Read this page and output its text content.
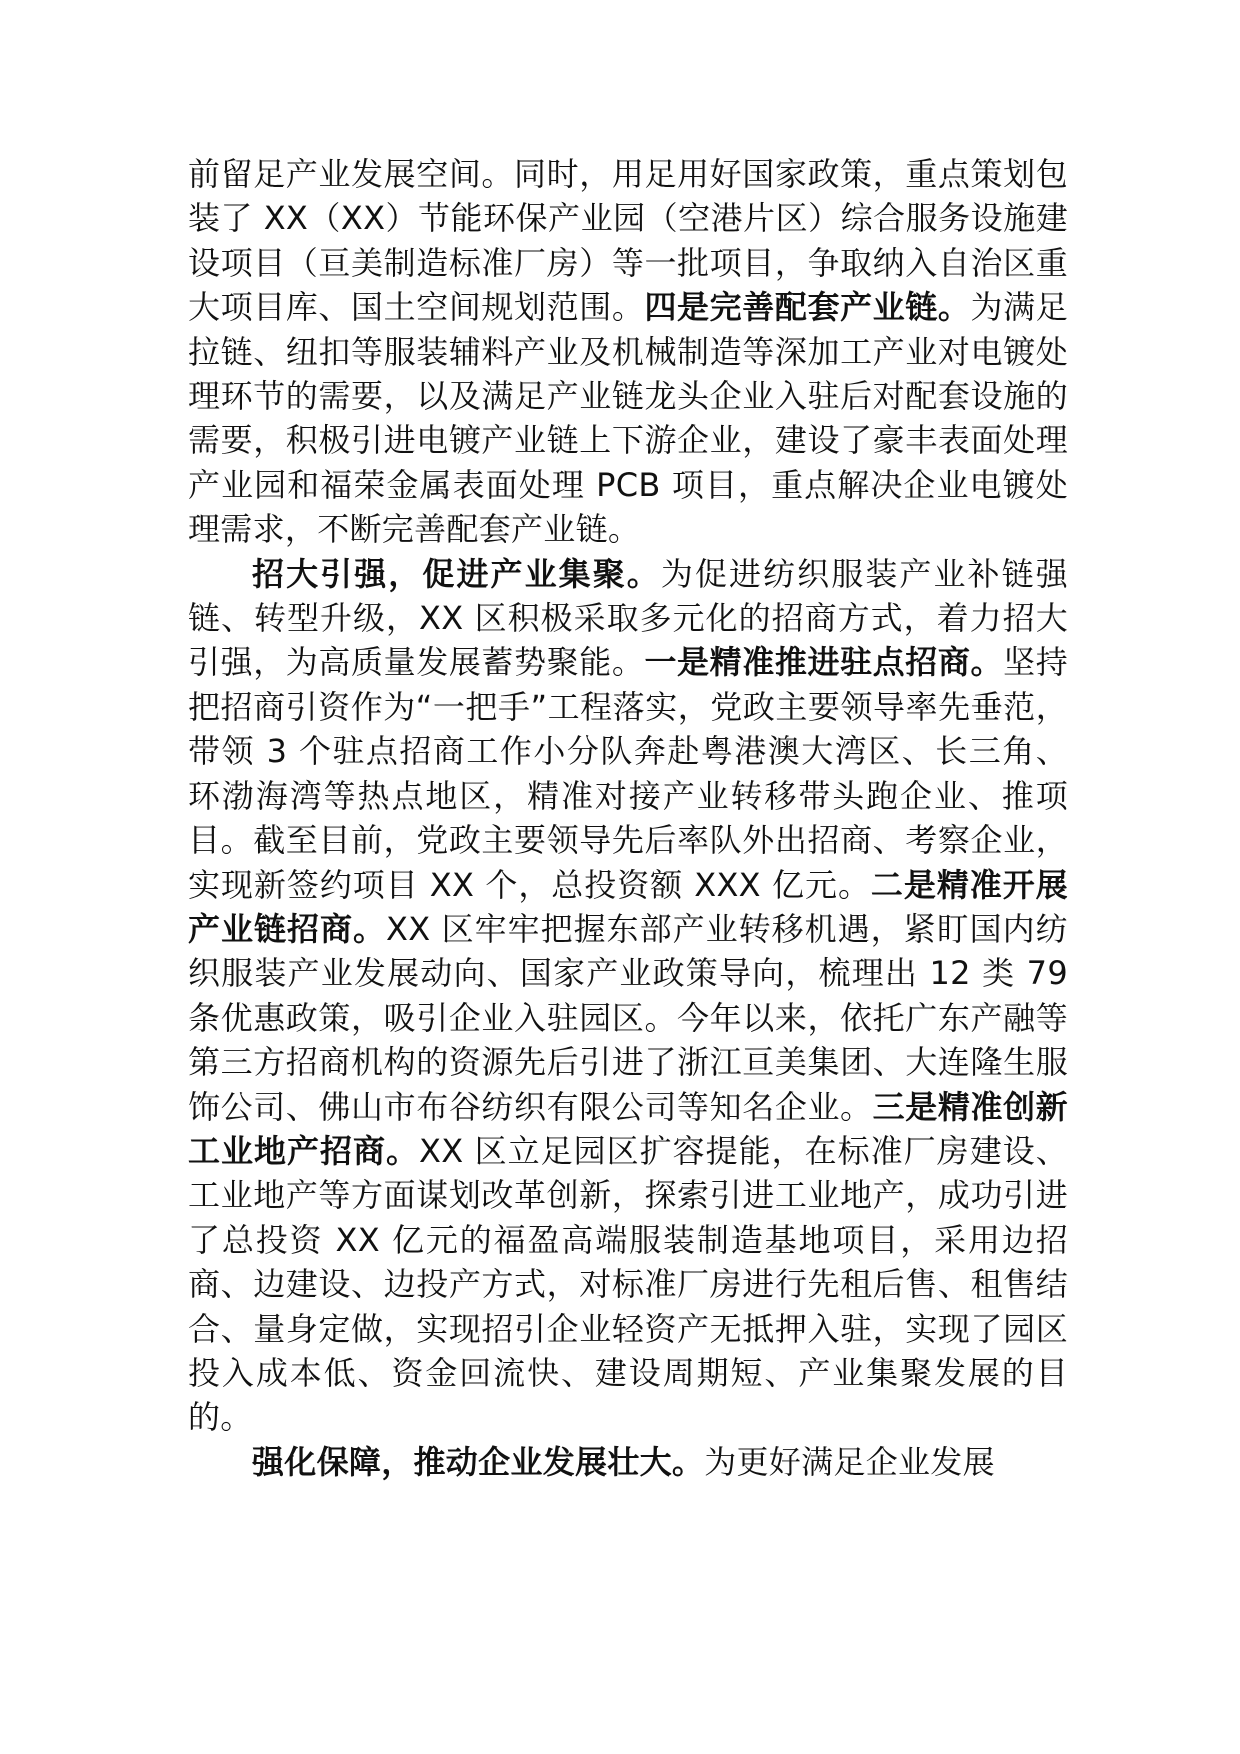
前留足产业发展空间。同时，用足用好国家政策，重点策划包装了 XX（XX）节能环保产业园（空港片区）综合服务设施建设项目（亘美制造标准厂房）等一批项目，争取纳入自治区重大项目库、国土空间规划范围。四是完善配套产业链。为满足拉链、纽扣等服装辅料产业及机械制造等深加工产业对电镀处理环节的需要，以及满足产业链龙头企业入驻后对配套设施的需要，积极引进电镀产业链上下游企业，建设了豪丰表面处理产业园和福荣金属表面处理 PCB 项目，重点解决企业电镀处理需求，不断完善配套产业链。

招大引强，促进产业集聚。为促进纺织服装产业补链强链、转型升级，XX 区积极采取多元化的招商方式，着力招大引强，为高质量发展蓄势聚能。一是精准推进驻点招商。坚持把招商引资作为“一把手”工程落实，党政主要领导率先垂范，带领 3 个驻点招商工作小分队奔赴粤港澳大湾区、长三角、环渤海湾等热点地区，精准对接产业转移带头跑企业、推项目。截至目前，党政主要领导先后率队外出招商、考察企业，实现新签约项目 XX 个，总投资额 XXX 亿元。二是精准开展产业链招商。XX 区牢牢把握东部产业转移机遇，紧盯国内纺织服装产业发展动向、国家产业政策导向，梳理出 12 类 79 条优惠政策，吸引企业入驻园区。今年以来，依托广东产融等第三方招商机构的资源先后引进了浙江亘美集团、大连隆生服饰公司、佛山市布谷纺织有限公司等知名企业。三是精准创新工业地产招商。XX 区立足园区扩容提能，在标准厂房建设、工业地产等方面谋划改革创新，探索引进工业地产，成功引进了总投资 XX 亿元的福盈高端服装制造基地项目，采用边招商、边建设、边投产方式，对标准厂房进行先租后售、租售结合、量身定做，实现招引企业轻资产无抵押入驻，实现了园区投入成本低、资金回流快、建设周期短、产业集聚发展的目的。

强化保障，推动企业发展壮大。为更好满足企业发展
